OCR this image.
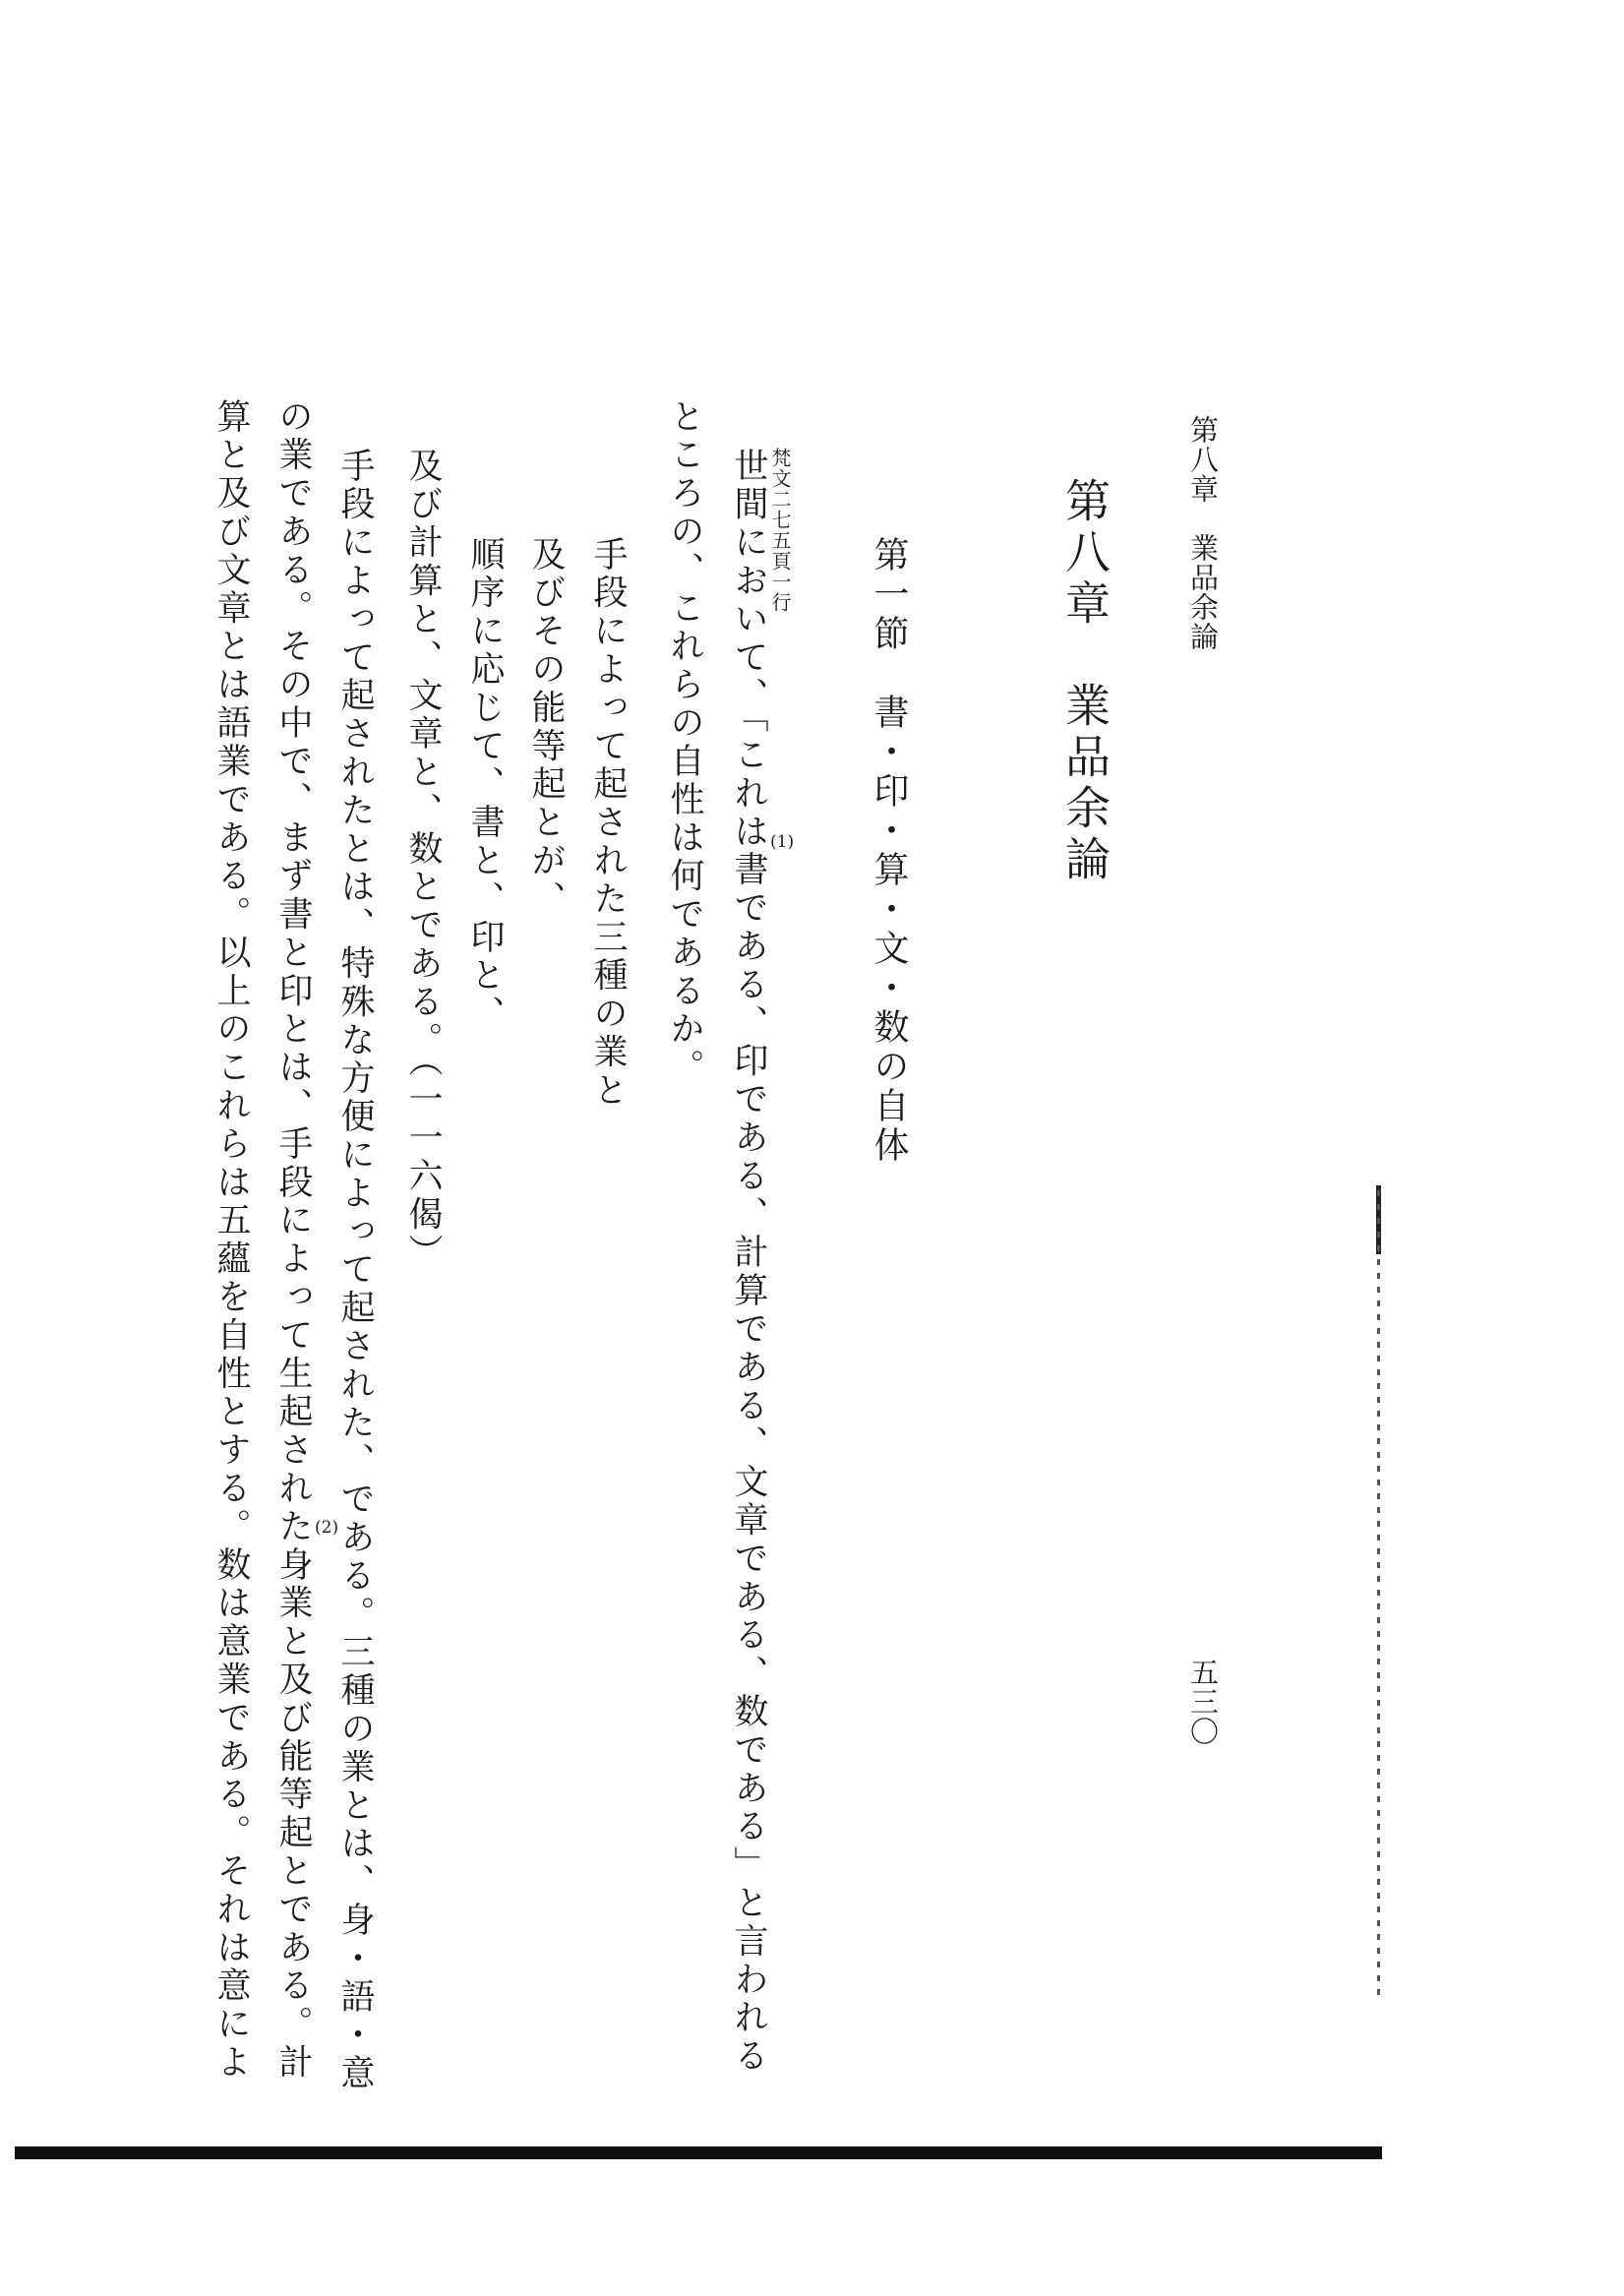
第八章　業品余論
五三〇
第八章　業品余論
第一節　書・印・算・文・数の自体
梵文二七五頁一行
世間において、「これは書である、印である、計算である、文章である、数である」と言われる (1)
ところの、これらの自性は何であるか。
手段によって起された三種の業と
及びその能等起とが、
順序に応じて、書と、印と、
及び計算と、文章と、数とである。（一一六偈）
手段によって起されたとは、特殊な方便によって起された、である。三種の業とは、身・語・意
の業である。その中で、まず書と印とは、手段によって生起された身業と及び能等起とである。計 (2)
算と及び文章とは語業である。以上のこれらは五蘊を自性とする。数は意業である。それは意によ
